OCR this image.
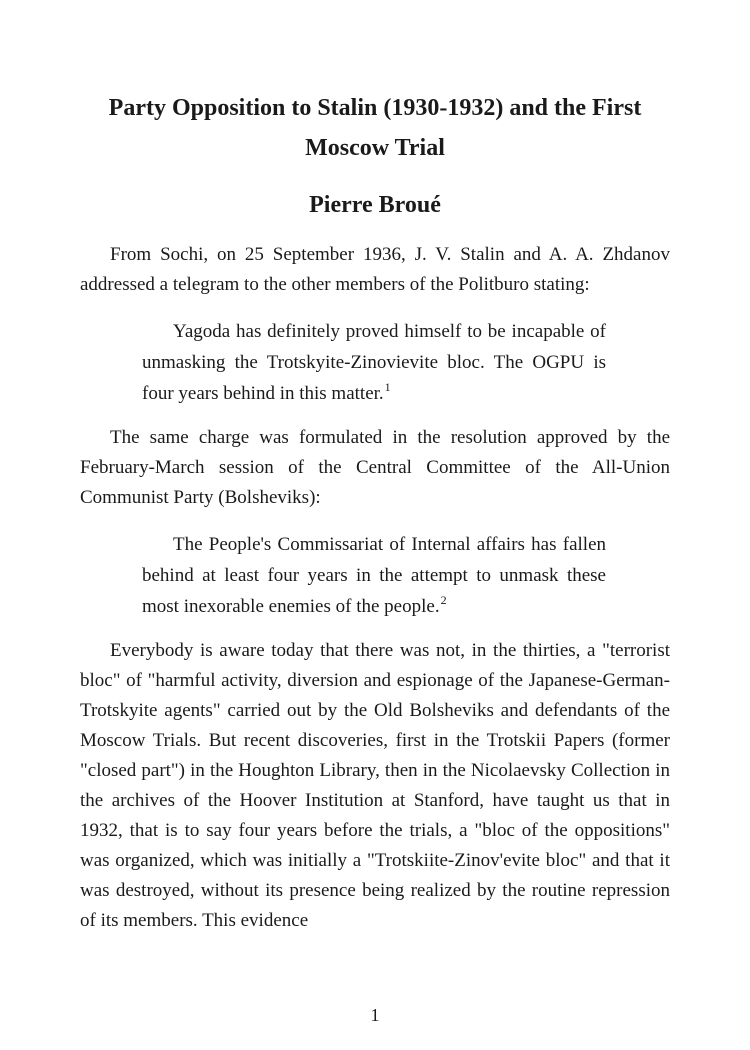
Party Opposition to Stalin (1930-1932) and the First Moscow Trial
Pierre Broué

From Sochi, on 25 September 1936, J. V. Stalin and A. A. Zhdanov addressed a telegram to the other members of the Politburo stating:

Yagoda has definitely proved himself to be incapable of unmasking the Trotskyite-Zinovievite bloc. The OGPU is four years behind in this matter.$^1$

The same charge was formulated in the resolution approved by the February-March session of the Central Committee of the All-Union Communist Party (Bolsheviks):

The People's Commissariat of Internal affairs has fallen behind at least four years in the attempt to unmask these most inexorable enemies of the people.$^2$

Everybody is aware today that there was not, in the thirties, a "terrorist bloc" of "harmful activity, diversion and espionage of the Japanese-German-Trotskyite agents" carried out by the Old Bolsheviks and defendants of the Moscow Trials. But recent discoveries, first in the Trotskii Papers (former "closed part") in the Houghton Library, then in the Nicolaevsky Collection in the archives of the Hoover Institution at Stanford, have taught us that in 1932, that is to say four years before the trials, a "bloc of the oppositions" was organized, which was initially a "Trotskiite-Zinov'evite bloc" and that it was destroyed, without its presence being realized by the routine repression of its members. This evidence

1
